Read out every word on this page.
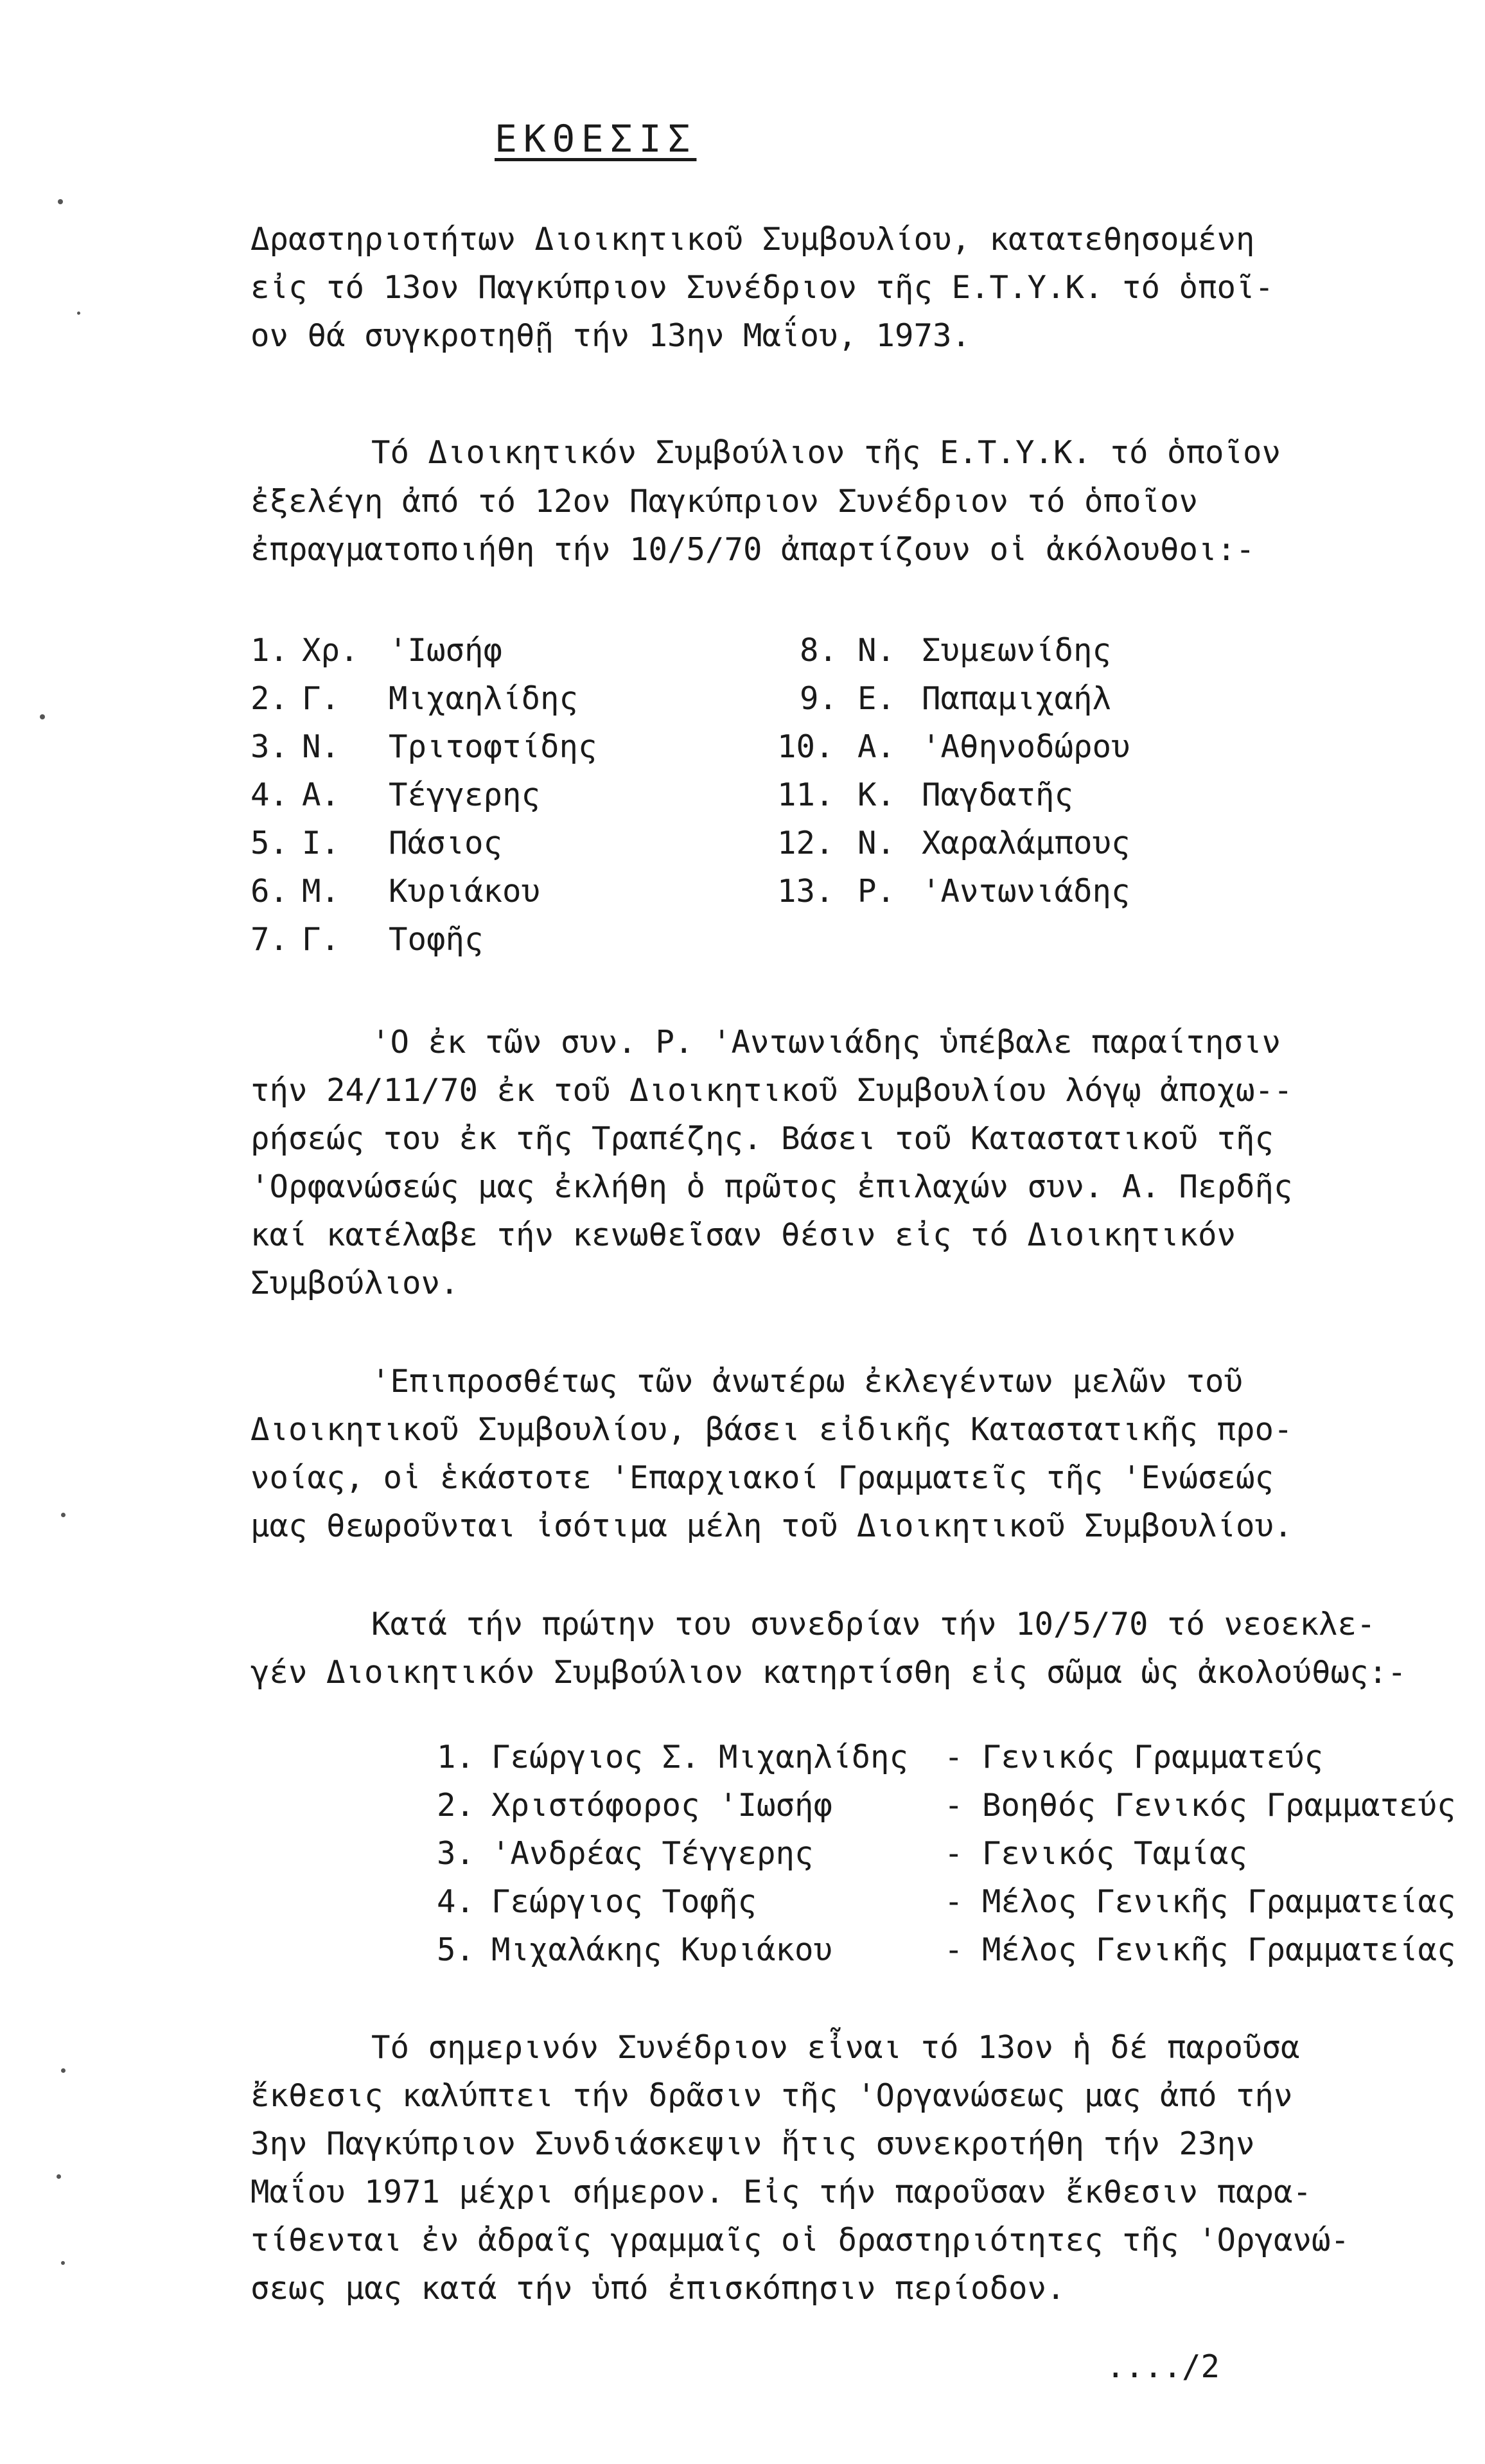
ΕΚΘΕΣΙΣ
Δραστηριοτήτων Διοικητικοῦ Συμβουλίου, κατατεθησομένη
εἰς τό 13ον Παγκύπριον Συνέδριον τῆς Ε.Τ.Υ.Κ. τό ὁποῖ-
ον θά συγκροτηθῇ τήν 13ην Μαΐου, 1973.
Τό Διοικητικόν Συμβούλιον τῆς Ε.Τ.Υ.Κ. τό ὁποῖον
ἐξελέγη ἀπό τό 12ον Παγκύπριον Συνέδριον τό ὁποῖον
ἐπραγματοποιήθη τήν 10/5/70 ἀπαρτίζουν οἱ ἀκόλουθοι:-
1. Χρ. 'Ιωσήφ
2. Γ. Μιχαηλίδης
3. Ν. Τριτοφτίδης
4. Α. Τέγγερης
5. Ι. Πάσιος
6. Μ. Κυριάκου
7. Γ. Τοφῆς
8. Ν. Συμεωνίδης
9. Ε. Παπαμιχαήλ
10. Α. 'Αθηνοδώρου
11. Κ. Παγδατῆς
12. Ν. Χαραλάμπους
13. Ρ. 'Αντωνιάδης
'Ο ἐκ τῶν συν. Ρ. 'Αντωνιάδης ὑπέβαλε παραίτησιν
τήν 24/11/70 ἐκ τοῦ Διοικητικοῦ Συμβουλίου λόγῳ ἀποχω--
ρήσεώς του ἐκ τῆς Τραπέζης. Βάσει τοῦ Καταστατικοῦ τῆς
'Ορφανώσεώς μας ἐκλήθη ὁ πρῶτος ἐπιλαχών συν. Α. Περδῆς
καί κατέλαβε τήν κενωθεῖσαν θέσιν εἰς τό Διοικητικόν
Συμβούλιον.
'Επιπροσθέτως τῶν ἀνωτέρω ἐκλεγέντων μελῶν τοῦ
Διοικητικοῦ Συμβουλίου, βάσει εἰδικῆς Καταστατικῆς προ-
νοίας, οἱ ἑκάστοτε 'Επαρχιακοί Γραμματεῖς τῆς 'Ενώσεώς
μας θεωροῦνται ἰσότιμα μέλη τοῦ Διοικητικοῦ Συμβουλίου.
Κατά τήν πρώτην του συνεδρίαν τήν 10/5/70 τό νεοεκλε-
γέν Διοικητικόν Συμβούλιον κατηρτίσθη εἰς σῶμα ὡς ἀκολούθως:-
1. Γεώργιος Σ. Μιχαηλίδης - Γενικός Γραμματεύς
2. Χριστόφορος 'Ιωσήφ	- Βοηθός Γενικός Γραμματεύς
3. 'Ανδρέας Τέγγερης	- Γενικός Ταμίας
4. Γεώργιος Τοφῆς	- Μέλος Γενικῆς Γραμματείας
5. Μιχαλάκης Κυριάκου	- Μέλος Γενικῆς Γραμματείας
Τό σημερινόν Συνέδριον εἶναι τό 13ον ἡ δέ παροῦσα
ἔκθεσις καλύπτει τήν δρᾶσιν τῆς 'Οργανώσεως μας ἀπό τήν
3ην Παγκύπριον Συνδιάσκεψιν ἥτις συνεκροτήθη τήν 23ην
Μαΐου 1971 μέχρι σήμερον. Εἰς τήν παροῦσαν ἔκθεσιν παρα-
τίθενται ἐν ἀδραῖς γραμμαῖς οἱ δραστηριότητες τῆς 'Οργανώ-
σεως μας κατά τήν ὑπό ἐπισκόπησιν περίοδον.
..../2
